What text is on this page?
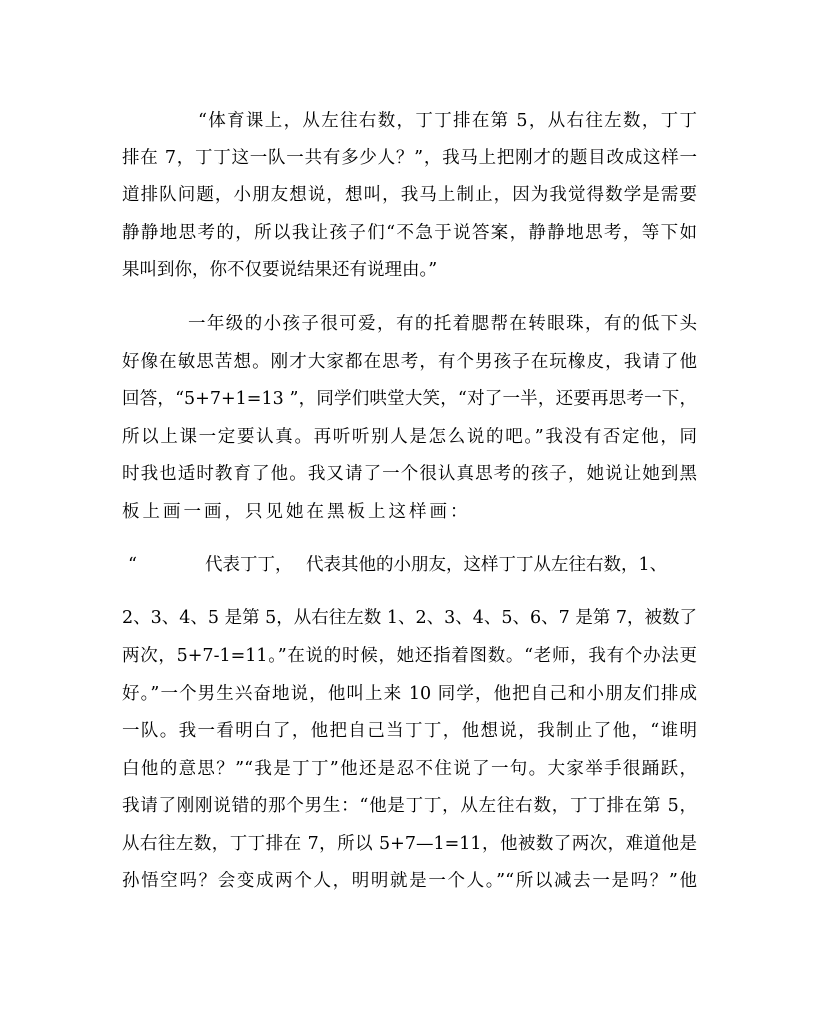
“体育课上，从左往右数，丁丁排在第 5，从右往左数，丁丁
排在 7，丁丁这一队一共有多少人？”，我马上把刚才的题目改成这样一
道排队问题，小朋友想说，想叫，我马上制止，因为我觉得数学是需要
静静地思考的，所以我让孩子们“不急于说答案，静静地思考，等下如
果叫到你，你不仅要说结果还有说理由。”
一年级的小孩子很可爱，有的托着腮帮在转眼珠，有的低下头
好像在敏思苦想。刚才大家都在思考，有个男孩子在玩橡皮，我请了他
回答，“5+7+1=13 ”，同学们哄堂大笑，“对了一半，还要再思考一下，
所以上课一定要认真。再听听别人是怎么说的吧。”我没有否定他，同
时我也适时教育了他。我又请了一个很认真思考的孩子，她说让她到黑
板上画一画，只见她在黑板上这样画：
“	代表丁丁， 代表其他的小朋友，这样丁丁从左往右数，1、
2、3、4、5 是第 5，从右往左数 1、2、3、4、5、6、7 是第 7，被数了
两次，5+7-1=11。”在说的时候，她还指着图数。“老师，我有个办法更
好。”一个男生兴奋地说，他叫上来 10 同学，他把自己和小朋友们排成
一队。我一看明白了，他把自己当丁丁，他想说，我制止了他，“谁明
白他的意思？”“我是丁丁”他还是忍不住说了一句。大家举手很踊跃，
我请了刚刚说错的那个男生：“他是丁丁，从左往右数，丁丁排在第 5，
从右往左数，丁丁排在 7，所以 5+7—1=11，他被数了两次，难道他是
孙悟空吗？会变成两个人，明明就是一个人。”“所以减去一是吗？”他
